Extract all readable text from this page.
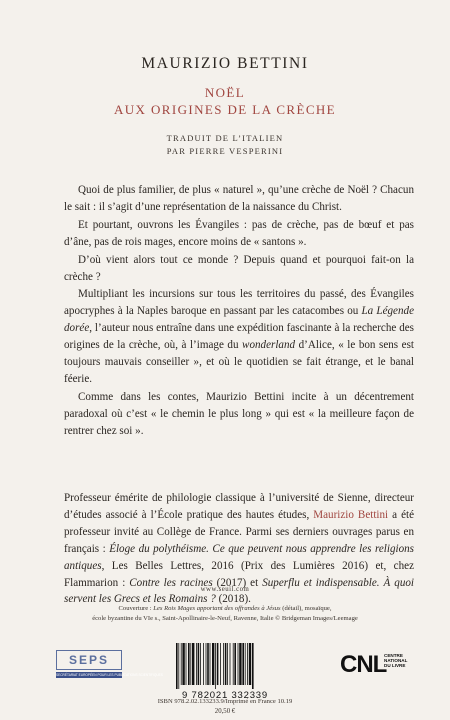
MAURIZIO BETTINI
NOËL
AUX ORIGINES DE LA CRÈCHE
TRADUIT DE L’ITALIEN
PAR PIERRE VESPERINI

Quoi de plus familier, de plus « naturel », qu’une crèche de Noël ? Chacun le sait : il s’agit d’une représentation de la naissance du Christ.

Et pourtant, ouvrons les Évangiles : pas de crèche, pas de bœuf et pas d’âne, pas de rois mages, encore moins de « santons ».

D’où vient alors tout ce monde ? Depuis quand et pourquoi fait-on la crèche ?

Multipliant les incursions sur tous les territoires du passé, des Évangiles apocryphes à la Naples baroque en passant par les catacombes ou La Légende dorée, l’auteur nous entraîne dans une expédition fascinante à la recherche des origines de la crèche, où, à l’image du wonderland d’Alice, « le bon sens est toujours mauvais conseiller », et où le quotidien se fait étrange, et le banal féerie.

Comme dans les contes, Maurizio Bettini incite à un décentrement paradoxal où c’est « le chemin le plus long » qui est « la meilleure façon de rentrer chez soi ».

Professeur émérite de philologie classique à l’université de Sienne, directeur d’études associé à l’École pratique des hautes études, Maurizio Bettini a été professeur invité au Collège de France. Parmi ses derniers ouvrages parus en français : Éloge du polythéisme. Ce que peuvent nous apprendre les religions antiques, Les Belles Lettres, 2016 (Prix des Lumières 2016) et, chez Flammarion : Contre les racines (2017) et Superflu et indispensable. À quoi servent les Grecs et les Romains ? (2018).

www.seuil.com
Couverture : Les Rois Mages apportant des offrandes à Jésus (détail), mosaïque,
école byzantine du VIe s., Saint-Apollinaire-le-Neuf, Ravenne, Italie © Bridgeman Images/Leemage
SEPS
SECRÉTARIAT EUROPÉEN POUR LES PUBLICATIONS SCIENTIFIQUES
9 782021 332339
ISBN 978.2.02.133233.9/Imprimé en France 10.19
20,50 €
CNL
CENTRE
NATIONAL
DU LIVRE
